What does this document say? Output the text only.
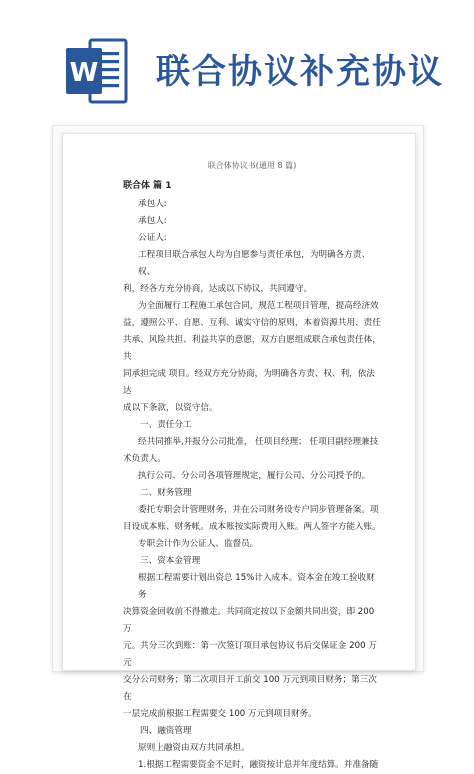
W 联合协议补充协议
联合体协议书(通用 8 篇)
联合体 篇 1

承包人:

承包人:

公证人:

工程项目联合承包人均为自愿参与责任承包，为明确各方责、权、

利，经各方充分协商，达成以下协议，共同遵守。

为全面履行工程施工承包合同，规范工程项目管理，提高经济效

益，遵照公平、自愿、互利、诚实守信的原则，本着资源共用、责任

共承、风险共担、利益共享的意愿，双方自愿组成联合承包责任体，共

同承担完成 项目。经双方充分协商，为明确各方责、权、利，依法达

成以下条款，以资守信。

一、责任分工

经共同推举,并报分公司批准， 任项目经理； 任项目副经理兼技

术负责人。

执行公司、分公司各项管理规定，履行公司、分公司授予的。

二、财务管理

委托专职会计管理财务，并在公司财务设专户同步管理备案。项

目设成本账、财务帐。成本账按实际费用入账。两人签字方能入账。

专职会计作为公证人、监督员。

三、资本金管理

根据工程需要计划出资总 15%计入成本。资本金在竣工验收财务

决算资金回收前不得撤走。共同商定按以下金额共同出资，即 200 万

元。共分三次到账：第一次签订项目承包协议书后交保证金 200 万元

交分公司财务；第二次项目开工前交 100 万元到项目财务；第三次在

一层完成前根据工程需要交 100 万元到项目财务。

四、融资管理

原则上融资由双方共同承担。

1.根据工程需要资金不足时，融资按计息并年度结算。并准备随
